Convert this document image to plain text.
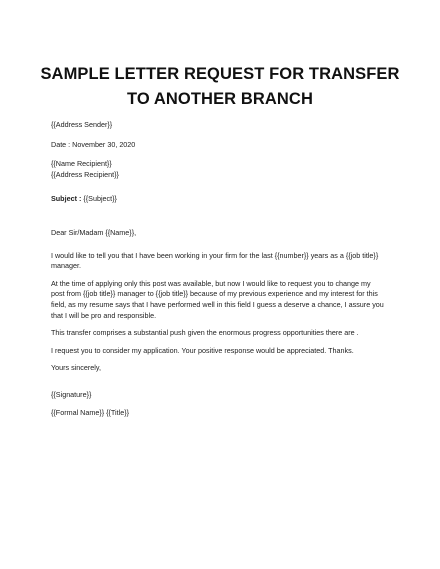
SAMPLE LETTER REQUEST FOR TRANSFER
TO ANOTHER BRANCH

{{Address Sender}}

Date : November 30, 2020

{{Name Recipient}}

{{Address Recipient}}

Subject : {{Subject}}

Dear Sir/Madam {{Name}},

I would like to tell you that I have been working in your firm for the last {{number}} years as a {{job title}}

manager.

At the time of applying only this post was available, but now I would like to request you to change my

post from {{job title}} manager to {{job title}} because of my previous experience and my interest for this

field, as my resume says that I have performed well in this field I guess a deserve a chance, I assure you

that I will be pro and responsible.

This transfer comprises a substantial push given the enormous progress opportunities there are .

I request you to consider my application. Your positive response would be appreciated. Thanks.

Yours sincerely,

{{Signature}}

{{Formal Name}} {{Title}}
